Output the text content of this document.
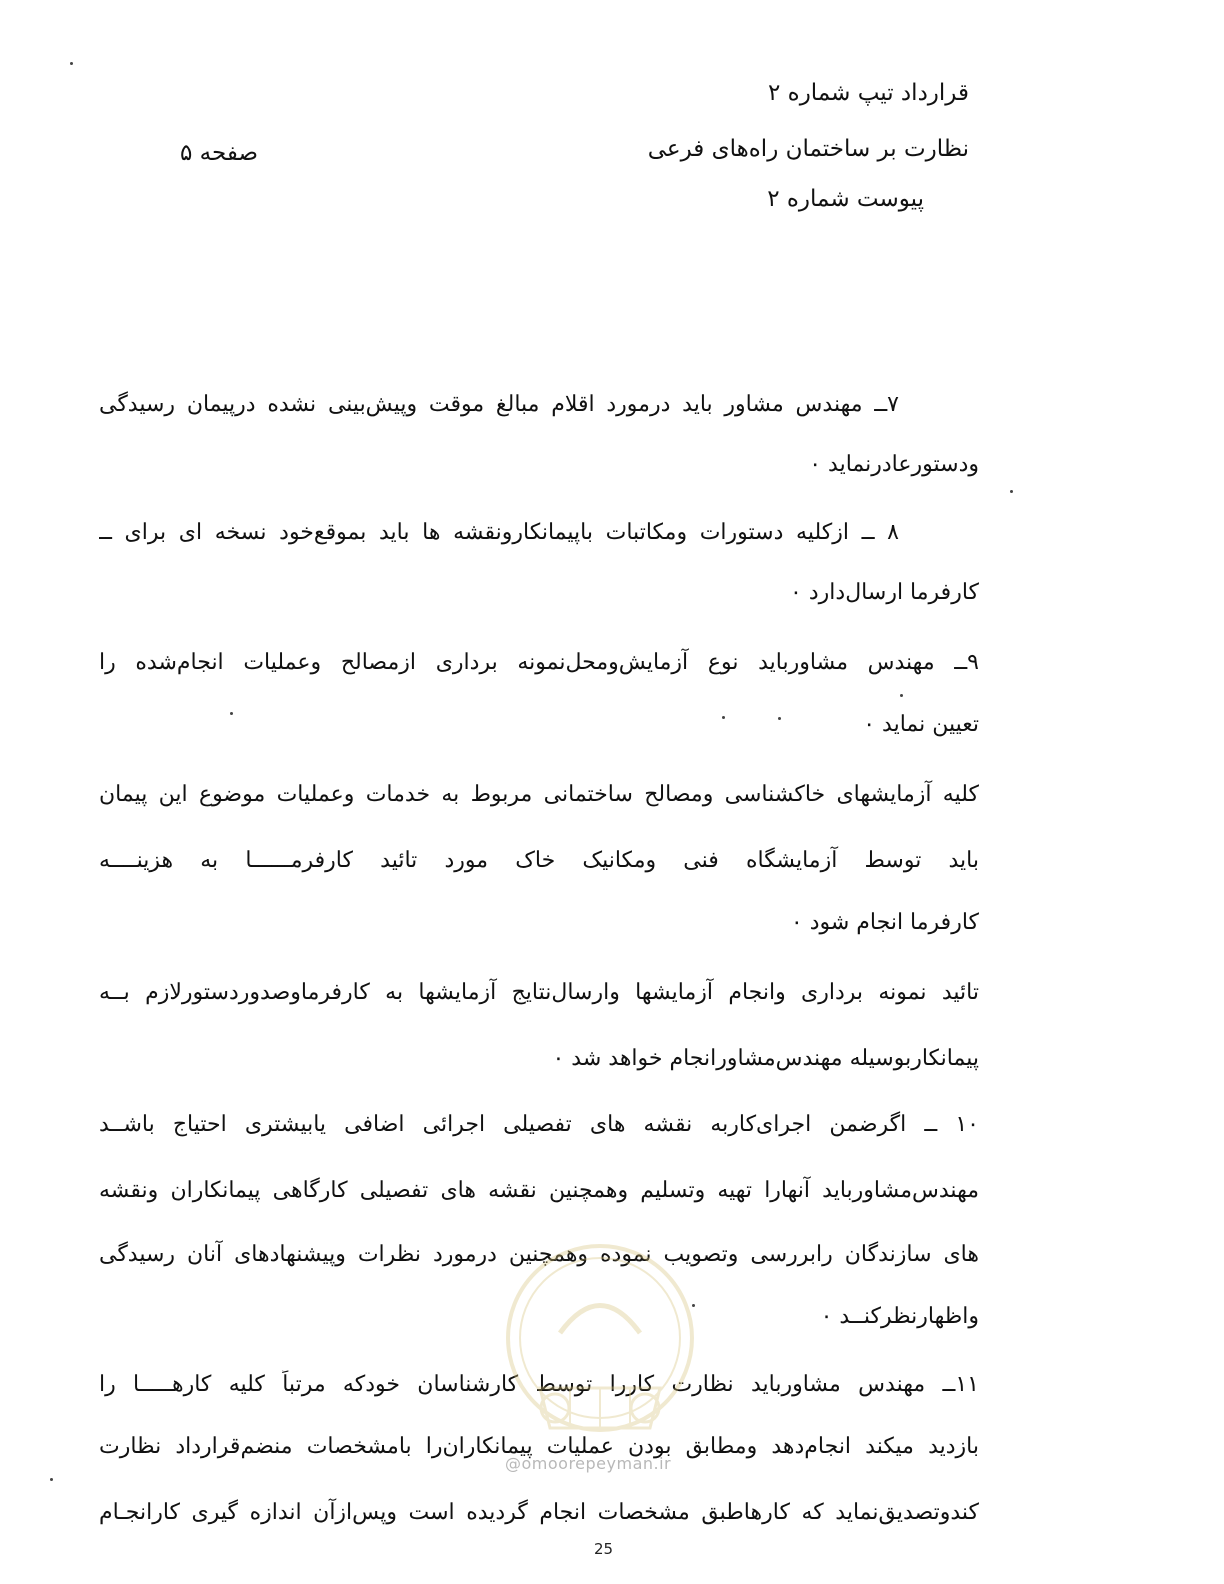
قرارداد تیپ شماره ۲
نظارت بر ساختمان راه‌های فرعی
پیوست شماره ۲
صفحه ۵
۷ــ مهندس مشاور باید درمورد اقلام مبالغ موقت وپیش‌بینی نشده درپیمان رسیدگی
ودستورعادرنماید ۰
۸ ــ ازکلیه دستورات ومکاتبات باپیمانکارونقشه ها باید بموقع‌خود نسخه ای برای ــ
کارفرما ارسال‌دارد ۰
۹ــ مهندس مشاورباید نوع آزمایش‌ومحل‌نمونه برداری ازمصالح وعملیات انجام‌شده را
تعیین نماید ۰
کلیه آزمایشهای خاکشناسی ومصالح ساختمانی مربوط به خدمات وعملیات موضوع این پیمان
باید توسط آزمایشگاه فنی ومکانیک خاک مورد تائید کارفرمــــــا به هزینــــه
کارفرما انجام شود ۰
تائید نمونه برداری وانجام آزمایشها وارسال‌نتایج آزمایشها به کارفرماوصدوردستورلازم بــه
پیمانکاربوسیله مهندس‌مشاورانجام خواهد شد ۰
۱۰ ــ اگرضمن اجرای‌کاربه نقشه های تفصیلی اجرائی اضافی یابیشتری احتیاج باشــد
مهندس‌مشاورباید آنهارا تهیه وتسلیم وهمچنین نقشه های تفصیلی کارگاهی پیمانکاران ونقشه
های سازندگان رابررسی وتصویب نموده وهمچنین درمورد نظرات وپیشنهادهای آنان رسیدگی
واظهارنظرکنــد ۰
۱۱ــ مهندس مشاورباید نظارت کاررا توسط کارشناسان خودکه مرتباً کلیه کارهـــــا را
بازدید میکند انجام‌دهد ومطابق بودن عملیات پیمانکاران‌را بامشخصات منضم‌قرارداد نظارت
کندوتصدیق‌نماید که کارهاطبق مشخصات انجام گردیده است وپس‌ازآن اندازه گیری کارانجـام
@omoorepeyman.ir
25
